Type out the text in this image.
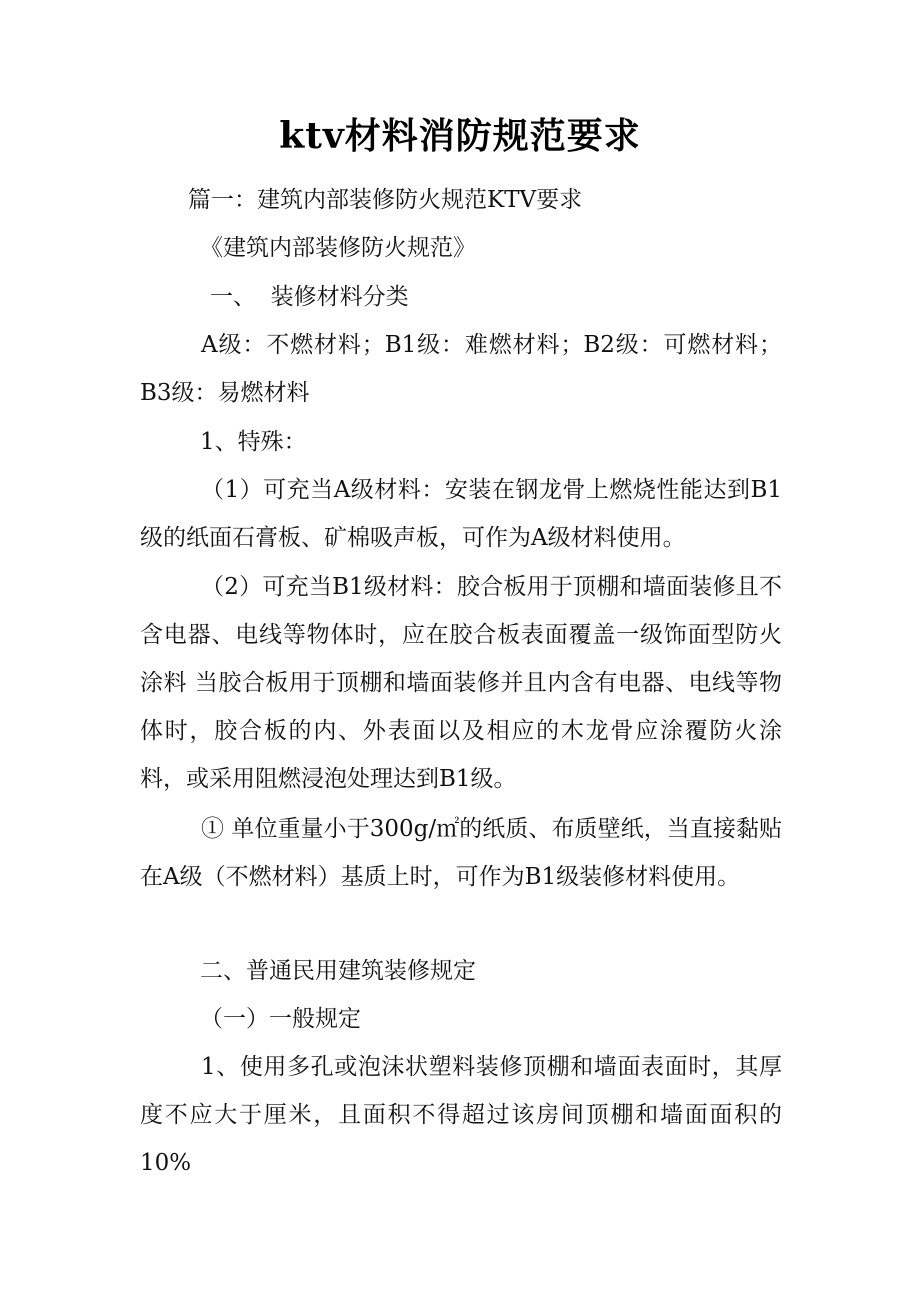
ktv材料消防规范要求
篇一：建筑内部装修防火规范KTV要求
《建筑内部装修防火规范》
一、  装修材料分类
A级：不燃材料；B1级：难燃材料；B2级：可燃材料；B3级：易燃材料
1、特殊：
（1）可充当A级材料：安装在钢龙骨上燃烧性能达到B1级的纸面石膏板、矿棉吸声板，可作为A级材料使用。
（2）可充当B1级材料：胶合板用于顶棚和墙面装修且不含电器、电线等物体时，应在胶合板表面覆盖一级饰面型防火涂料 当胶合板用于顶棚和墙面装修并且内含有电器、电线等物体时，胶合板的内、外表面以及相应的木龙骨应涂覆防火涂料，或采用阻燃浸泡处理达到B1级。
① 单位重量小于300g/㎡的纸质、布质壁纸，当直接黏贴在A级（不燃材料）基质上时，可作为B1级装修材料使用。
二、普通民用建筑装修规定
（一）一般规定
1、使用多孔或泡沫状塑料装修顶棚和墙面表面时，其厚度不应大于厘米，且面积不得超过该房间顶棚和墙面面积的10%
